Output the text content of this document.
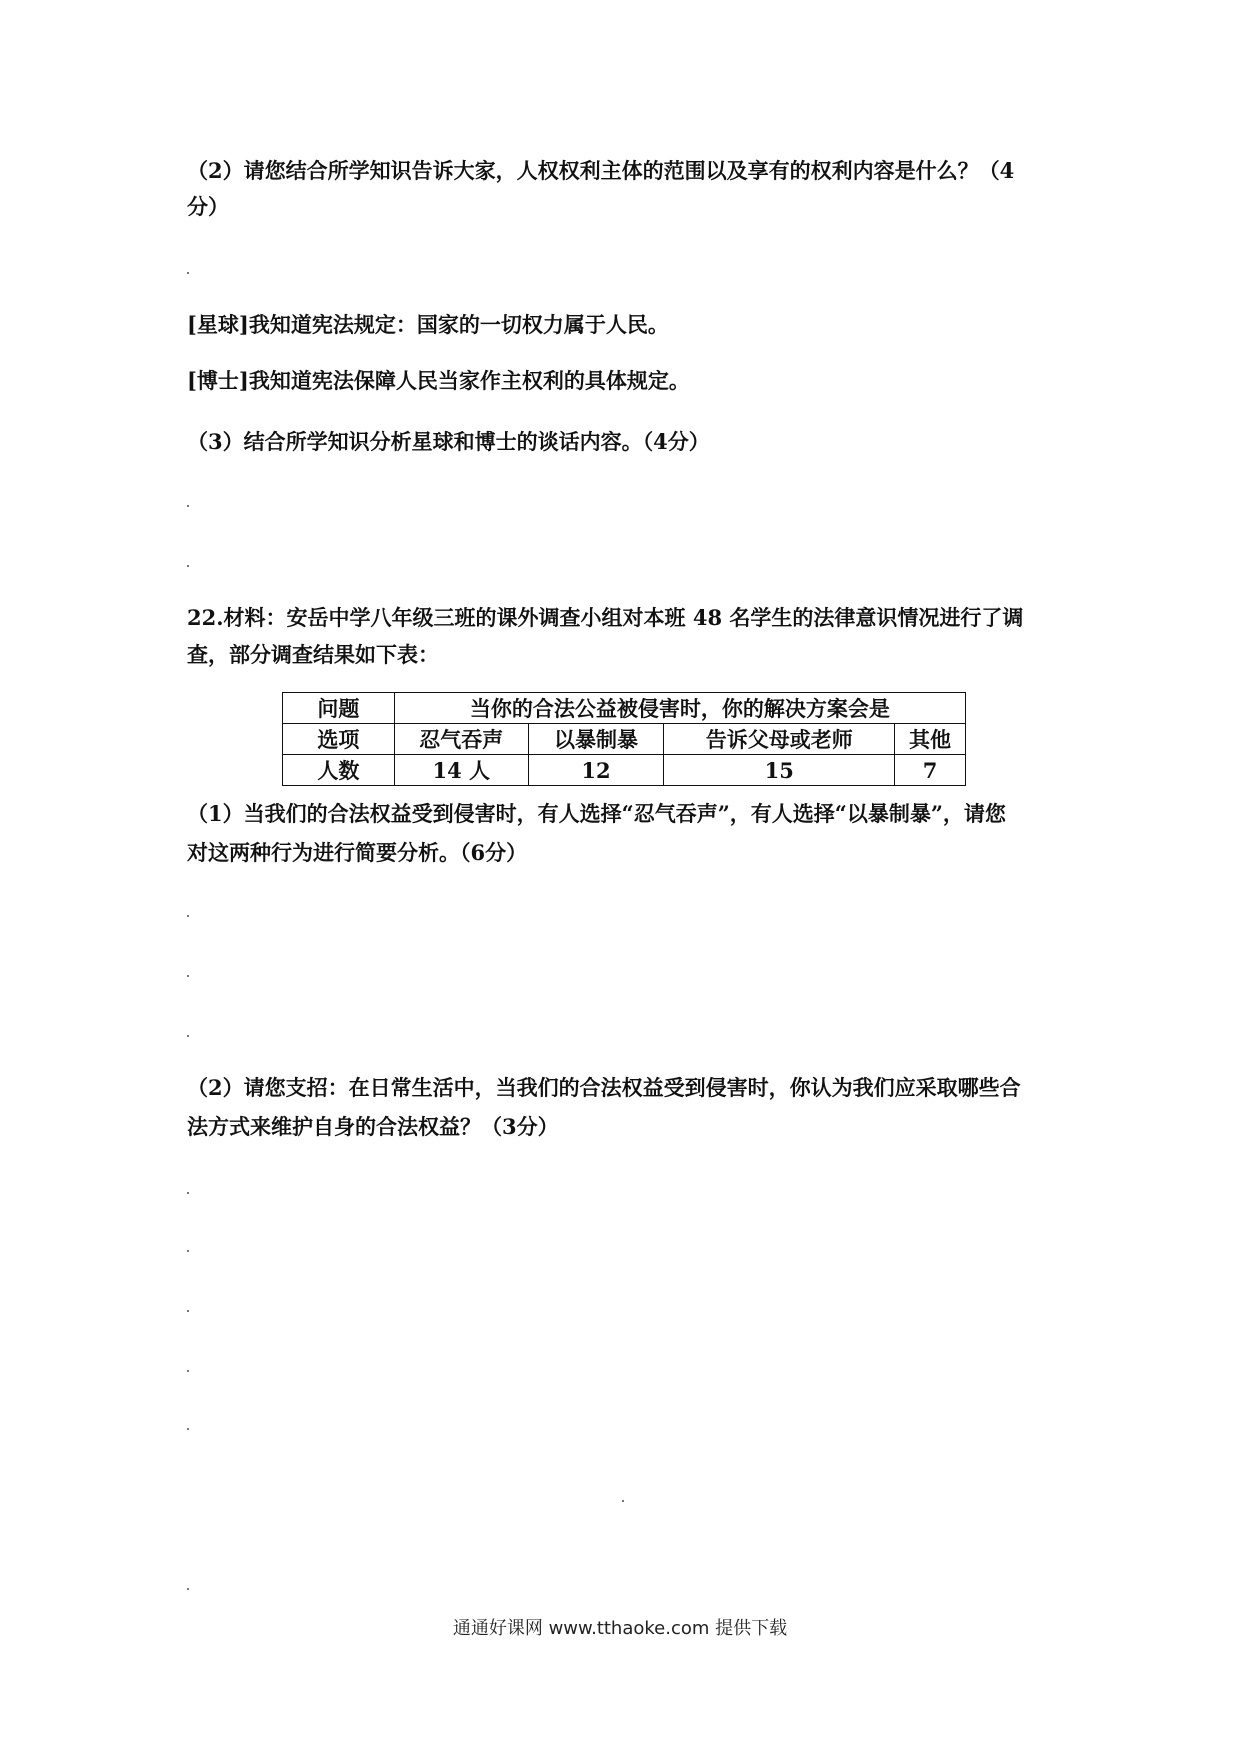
（2）请您结合所学知识告诉大家，人权权利主体的范围以及享有的权利内容是什么？（4
分）
[星球]我知道宪法规定：国家的一切权力属于人民。
[博士]我知道宪法保障人民当家作主权利的具体规定。
（3）结合所学知识分析星球和博士的谈话内容。（4分）
22.材料：安岳中学八年级三班的课外调查小组对本班 48 名学生的法律意识情况进行了调
查，部分调查结果如下表：
问题	当你的合法公益被侵害时，你的解决方案会是			
选项	忍气吞声	以暴制暴	告诉父母或老师	其他
人数	14 人	12	15	7
（1）当我们的合法权益受到侵害时，有人选择“忍气吞声”，有人选择“以暴制暴”，请您
对这两种行为进行简要分析。（6分）
（2）请您支招：在日常生活中，当我们的合法权益受到侵害时，你认为我们应采取哪些合
法方式来维护自身的合法权益？（3分）
通通好课网 www.tthaoke.com 提供下载
